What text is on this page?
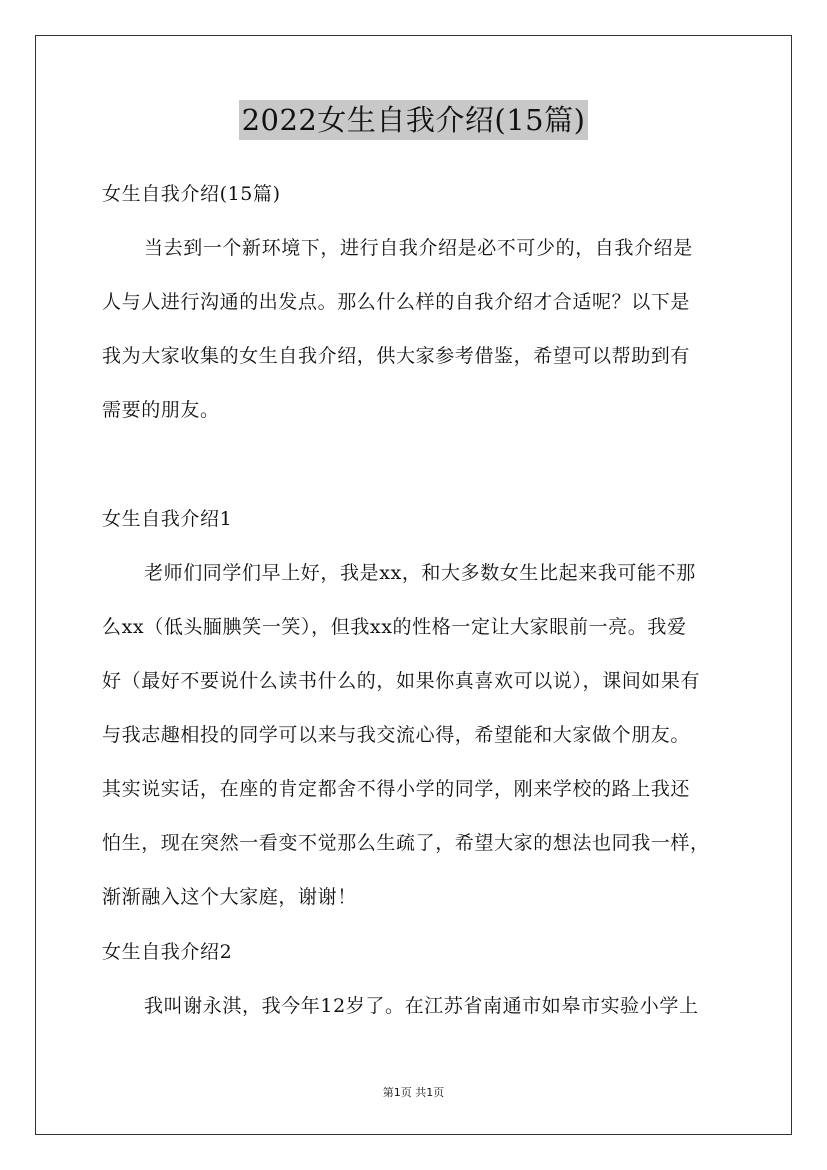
2022女生自我介绍(15篇)
女生自我介绍(15篇)
当去到一个新环境下，进行自我介绍是必不可少的，自我介绍是
人与人进行沟通的出发点。那么什么样的自我介绍才合适呢？以下是
我为大家收集的女生自我介绍，供大家参考借鉴，希望可以帮助到有
需要的朋友。
女生自我介绍1
老师们同学们早上好，我是xx，和大多数女生比起来我可能不那
么xx（低头腼腆笑一笑），但我xx的性格一定让大家眼前一亮。我爱
好（最好不要说什么读书什么的，如果你真喜欢可以说），课间如果有
与我志趣相投的同学可以来与我交流心得，希望能和大家做个朋友。
其实说实话，在座的肯定都舍不得小学的同学，刚来学校的路上我还
怕生，现在突然一看变不觉那么生疏了，希望大家的想法也同我一样，
渐渐融入这个大家庭，谢谢！
女生自我介绍2
我叫谢永淇，我今年12岁了。在江苏省南通市如皋市实验小学上
第1页 共1页
